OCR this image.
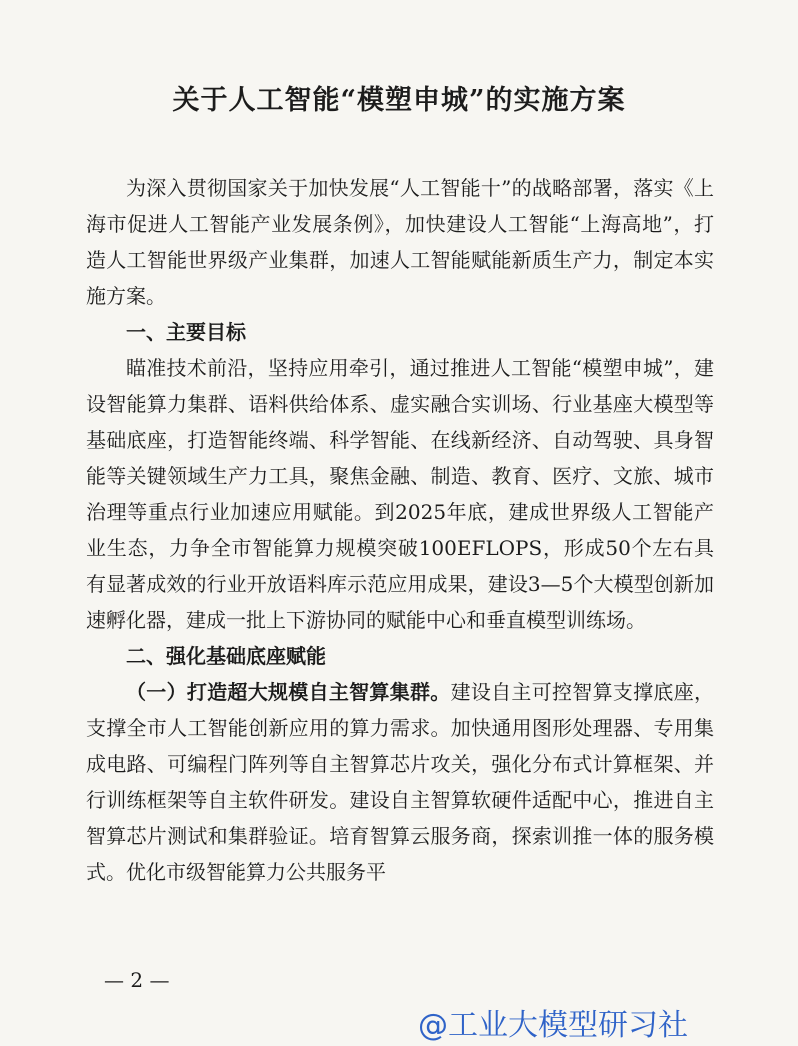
关于人工智能“模塑申城”的实施方案

为深入贯彻国家关于加快发展“人工智能十”的战略部署，落实《上海市促进人工智能产业发展条例》，加快建设人工智能“上海高地”，打造人工智能世界级产业集群，加速人工智能赋能新质生产力，制定本实施方案。

一、主要目标

瞄准技术前沿，坚持应用牵引，通过推进人工智能“模塑申城”，建设智能算力集群、语料供给体系、虚实融合实训场、行业基座大模型等基础底座，打造智能终端、科学智能、在线新经济、自动驾驶、具身智能等关键领域生产力工具，聚焦金融、制造、教育、医疗、文旅、城市治理等重点行业加速应用赋能。到2025年底，建成世界级人工智能产业生态，力争全市智能算力规模突破100EFLOPS，形成50个左右具有显著成效的行业开放语料库示范应用成果，建设3—5个大模型创新加速孵化器，建成一批上下游协同的赋能中心和垂直模型训练场。

二、强化基础底座赋能

（一）打造超大规模自主智算集群。建设自主可控智算支撑底座，支撑全市人工智能创新应用的算力需求。加快通用图形处理器、专用集成电路、可编程门阵列等自主智算芯片攻关，强化分布式计算框架、并行训练框架等自主软件研发。建设自主智算软硬件适配中心，推进自主智算芯片测试和集群验证。培育智算云服务商，探索训推一体的服务模式。优化市级智能算力公共服务平

— 2 —
@工业大模型研习社
